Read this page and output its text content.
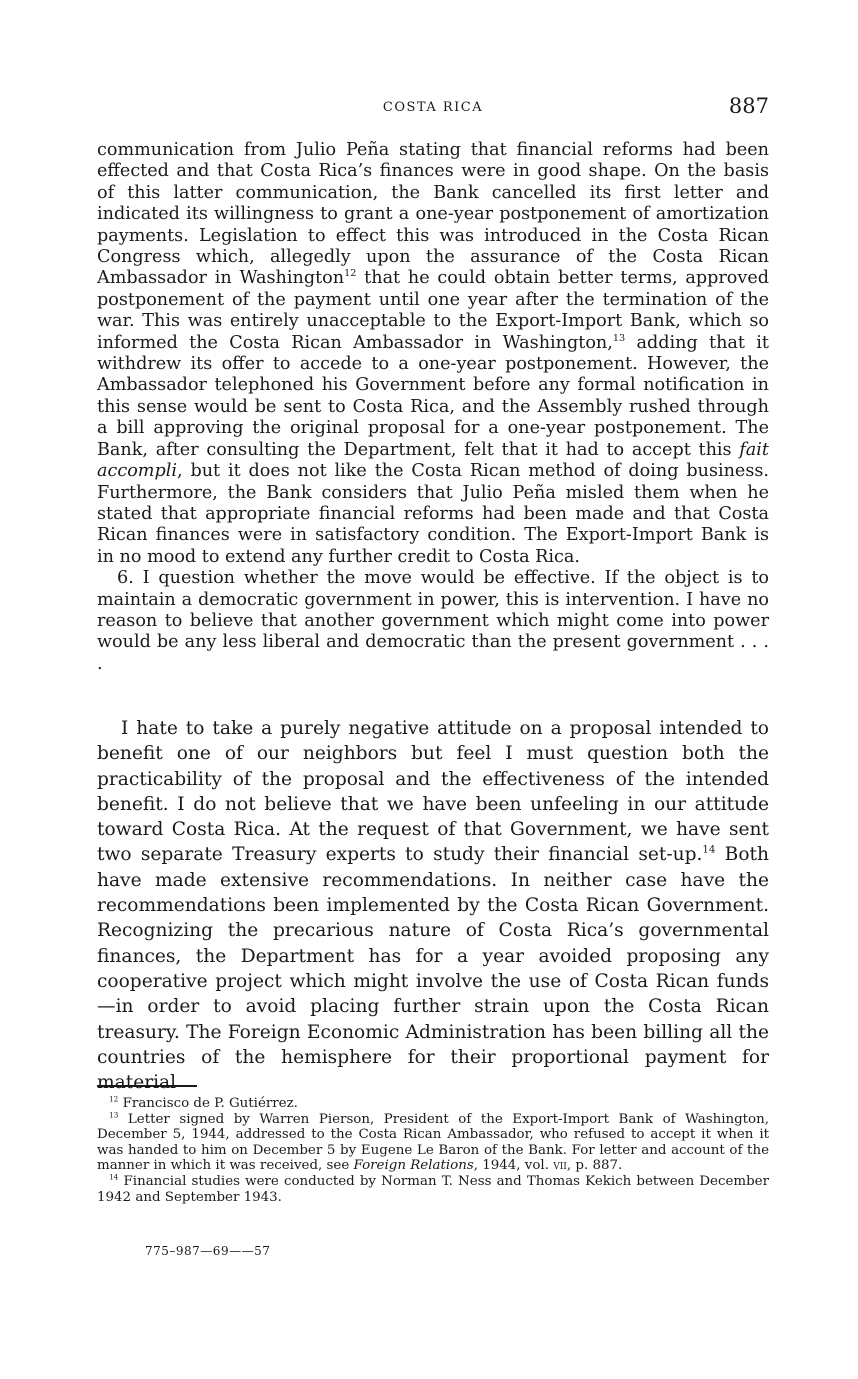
COSTA RICA	887

communication from Julio Peña stating that financial reforms had been effected and that Costa Rica’s finances were in good shape. On the basis of this latter communication, the Bank cancelled its first letter and indicated its willingness to grant a one-year postponement of amortization payments. Legislation to effect this was introduced in the Costa Rican Congress which, allegedly upon the assurance of the Costa Rican Ambassador in Washington$^{12}$ that he could obtain better terms, approved postponement of the payment until one year after the termination of the war. This was entirely unacceptable to the Export-Import Bank, which so informed the Costa Rican Ambassador in Washington,$^{13}$ adding that it withdrew its offer to accede to a one-year postponement. However, the Ambassador telephoned his Government before any formal notification in this sense would be sent to Costa Rica, and the Assembly rushed through a bill approving the original proposal for a one-year postponement. The Bank, after consulting the Department, felt that it had to accept this fait accompli, but it does not like the Costa Rican method of doing business. Furthermore, the Bank considers that Julio Peña misled them when he stated that appropriate financial reforms had been made and that Costa Rican finances were in satisfactory condition. The Export-Import Bank is in no mood to extend any further credit to Costa Rica.

6. I question whether the move would be effective. If the object is to maintain a democratic government in power, this is intervention. I have no reason to believe that another government which might come into power would be any less liberal and democratic than the present government . . . .

I hate to take a purely negative attitude on a proposal intended to benefit one of our neighbors but feel I must question both the practicability of the proposal and the effectiveness of the intended benefit. I do not believe that we have been unfeeling in our attitude toward Costa Rica. At the request of that Government, we have sent two separate Treasury experts to study their financial set-up.$^{14}$ Both have made extensive recommendations. In neither case have the recommendations been implemented by the Costa Rican Government. Recognizing the precarious nature of Costa Rica’s governmental finances, the Department has for a year avoided proposing any cooperative project which might involve the use of Costa Rican funds—in order to avoid placing further strain upon the Costa Rican treasury. The Foreign Economic Administration has been billing all the countries of the hemisphere for their proportional payment for material

$^{12}$ Francisco de P. Gutiérrez.

$^{13}$ Letter signed by Warren Pierson, President of the Export-Import Bank of Washington, December 5, 1944, addressed to the Costa Rican Ambassador, who refused to accept it when it was handed to him on December 5 by Eugene Le Baron of the Bank. For letter and account of the manner in which it was received, see Foreign Relations, 1944, vol. vii, p. 887.

$^{14}$ Financial studies were conducted by Norman T. Ness and Thomas Kekich between December 1942 and September 1943.

775–987—69——57
